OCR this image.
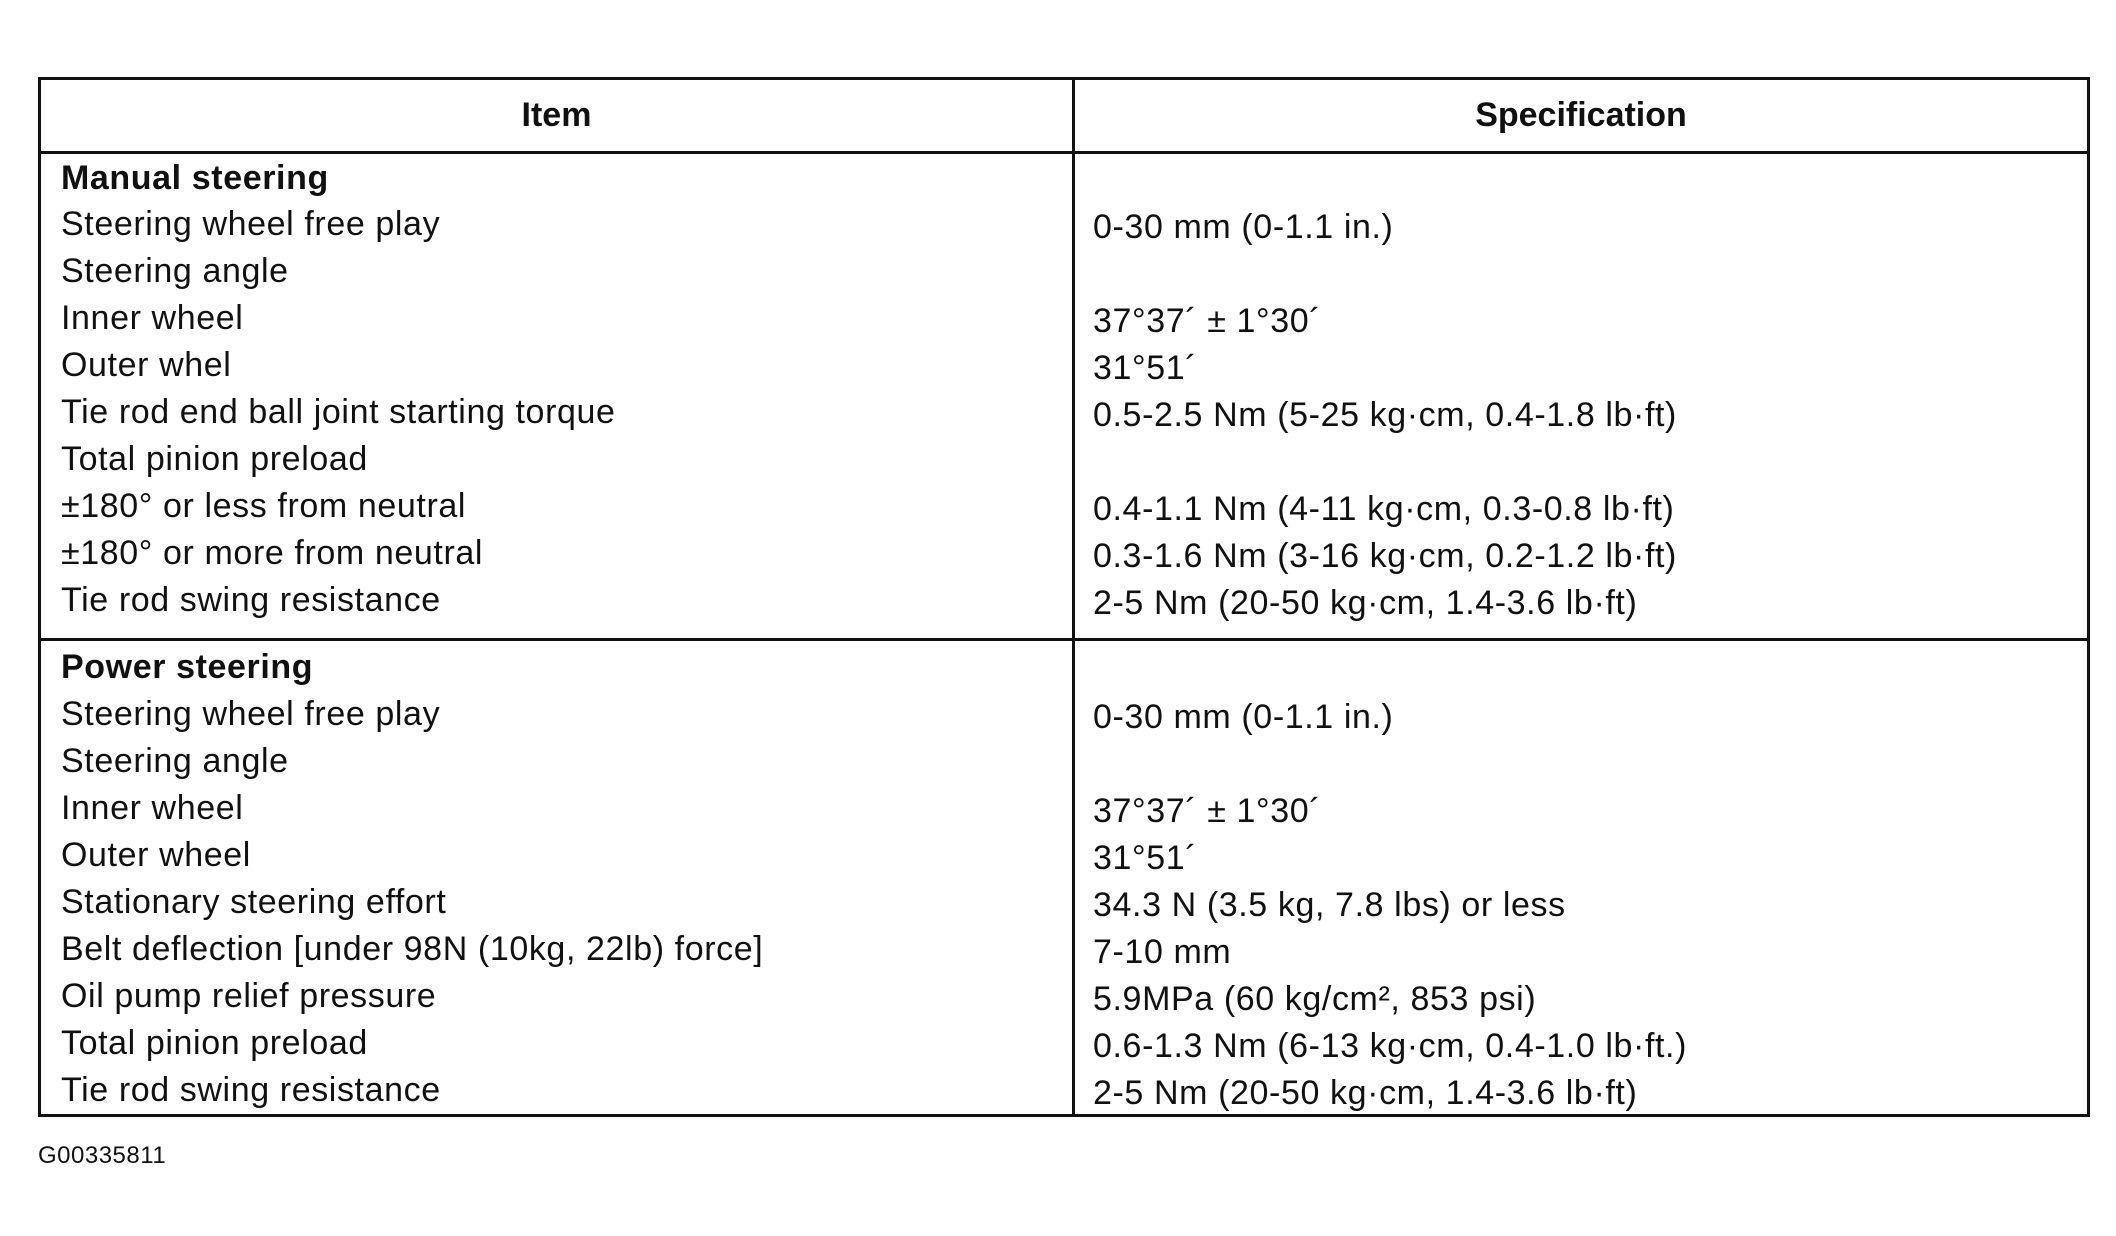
Item	Specification
Manual steering
Steering wheel free play
Steering angle
Inner wheel
Outer whel
Tie rod end ball joint starting torque
Total pinion preload
±180° or less from neutral
±180° or more from neutral
Tie rod swing resistance
0-30 mm (0-1.1 in.)
37°37´ ± 1°30´
31°51´
0.5-2.5 Nm (5-25 kg·cm, 0.4-1.8 lb·ft)
0.4-1.1 Nm (4-11 kg·cm, 0.3-0.8 lb·ft)
0.3-1.6 Nm (3-16 kg·cm, 0.2-1.2 lb·ft)
2-5 Nm (20-50 kg·cm, 1.4-3.6 lb·ft)
Power steering
Steering wheel free play
Steering angle
Inner wheel
Outer wheel
Stationary steering effort
Belt deflection [under 98N (10kg, 22lb) force]
Oil pump relief pressure
Total pinion preload
Tie rod swing resistance
0-30 mm (0-1.1 in.)
37°37´ ± 1°30´
31°51´
34.3 N (3.5 kg, 7.8 lbs) or less
7-10 mm
5.9MPa (60 kg/cm², 853 psi)
0.6-1.3 Nm (6-13 kg·cm, 0.4-1.0 lb·ft.)
2-5 Nm (20-50 kg·cm, 1.4-3.6 lb·ft)
G00335811
